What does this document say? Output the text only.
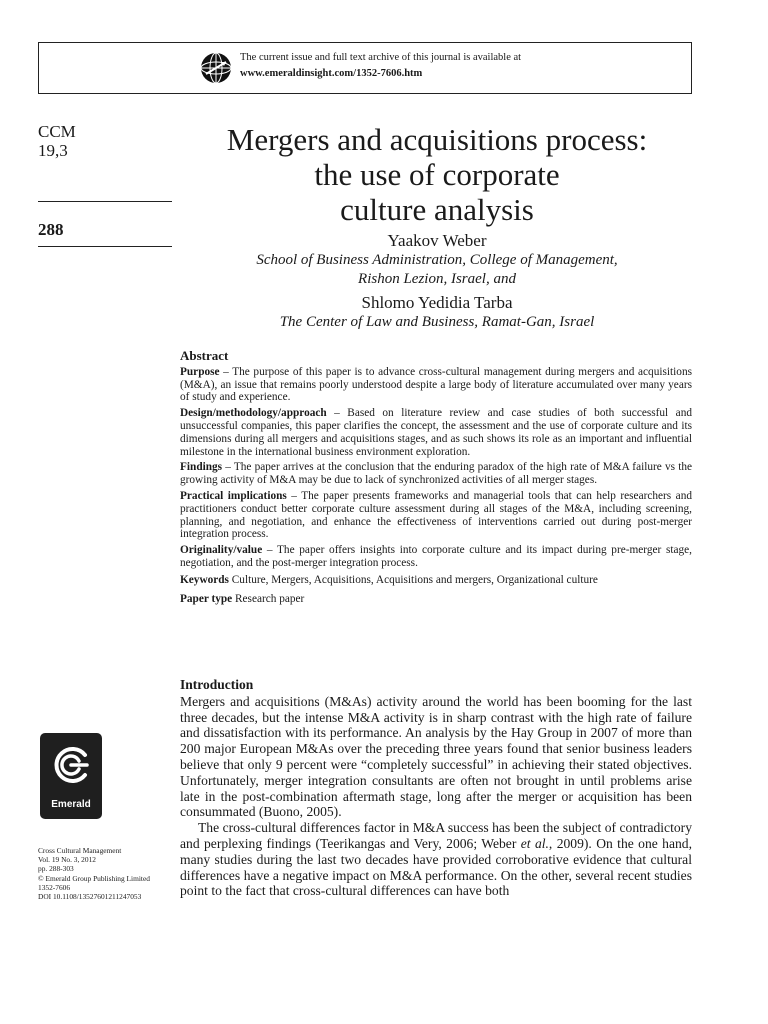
The current issue and full text archive of this journal is available at
www.emeraldinsight.com/1352-7606.htm
CCM
19,3
288
Mergers and acquisitions process:
the use of corporate
culture analysis
Yaakov Weber
School of Business Administration, College of Management,
Rishon Lezion, Israel, and
Shlomo Yedidia Tarba
The Center of Law and Business, Ramat-Gan, Israel
Abstract

Purpose – The purpose of this paper is to advance cross-cultural management during mergers and acquisitions (M&A), an issue that remains poorly understood despite a large body of literature accumulated over many years of study and experience.

Design/methodology/approach – Based on literature review and case studies of both successful and unsuccessful companies, this paper clarifies the concept, the assessment and the use of corporate culture and its dimensions during all mergers and acquisitions stages, and as such shows its role as an important and influential milestone in the international business environment exploration.

Findings – The paper arrives at the conclusion that the enduring paradox of the high rate of M&A failure vs the growing activity of M&A may be due to lack of synchronized activities of all merger stages.

Practical implications – The paper presents frameworks and managerial tools that can help researchers and practitioners conduct better corporate culture assessment during all stages of the M&A, including screening, planning, and negotiation, and enhance the effectiveness of interventions carried out during post-merger integration process.

Originality/value – The paper offers insights into corporate culture and its impact during pre-merger stage, negotiation, and the post-merger integration process.

Keywords Culture, Mergers, Acquisitions, Acquisitions and mergers, Organizational culture

Paper type Research paper

Introduction

Mergers and acquisitions (M&As) activity around the world has been booming for the last three decades, but the intense M&A activity is in sharp contrast with the high rate of failure and dissatisfaction with its performance. An analysis by the Hay Group in 2007 of more than 200 major European M&As over the preceding three years found that senior business leaders believe that only 9 percent were “completely successful” in achieving their stated objectives. Unfortunately, merger integration consultants are often not brought in until problems arise late in the post-combination aftermath stage, long after the merger or acquisition has been consummated (Buono, 2005).

The cross-cultural differences factor in M&A success has been the subject of contradictory and perplexing findings (Teerikangas and Very, 2006; Weber et al., 2009). On the one hand, many studies during the last two decades have provided corroborative evidence that cultural differences have a negative impact on M&A performance. On the other, several recent studies point to the fact that cross-cultural differences can have both

Emerald
Cross Cultural Management
Vol. 19 No. 3, 2012
pp. 288-303
© Emerald Group Publishing Limited
1352-7606
DOI 10.1108/13527601211247053
